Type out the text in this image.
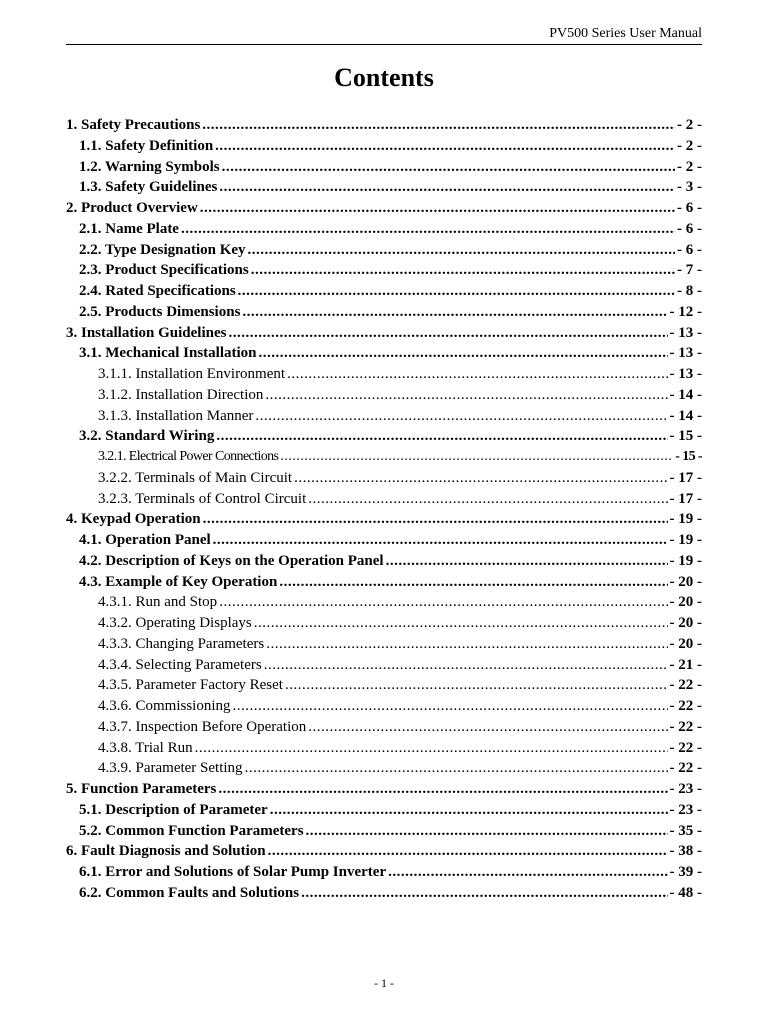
PV500 Series User Manual
Contents
1. Safety Precautions .....	- 2 -
1.1. Safety Definition .....	- 2 -
1.2. Warning Symbols .....	- 2 -
1.3. Safety Guidelines .....	- 3 -
2. Product Overview .....	- 6 -
2.1. Name Plate .....	- 6 -
2.2. Type Designation Key .....	- 6 -
2.3. Product Specifications .....	- 7 -
2.4. Rated Specifications .....	- 8 -
2.5. Products Dimensions .....	- 12 -
3. Installation Guidelines .....	- 13 -
3.1. Mechanical Installation .....	- 13 -
3.1.1. Installation Environment .....	- 13 -
3.1.2. Installation Direction .....	- 14 -
3.1.3. Installation Manner .....	- 14 -
3.2. Standard Wiring .....	- 15 -
3.2.1. Electrical Power Connections .....	- 15 -
3.2.2. Terminals of Main Circuit .....	- 17 -
3.2.3. Terminals of Control Circuit .....	- 17 -
4. Keypad Operation .....	- 19 -
4.1. Operation Panel .....	- 19 -
4.2. Description of Keys on the Operation Panel .....	- 19 -
4.3. Example of Key Operation .....	- 20 -
4.3.1. Run and Stop .....	- 20 -
4.3.2. Operating Displays .....	- 20 -
4.3.3. Changing Parameters .....	- 20 -
4.3.4. Selecting Parameters .....	- 21 -
4.3.5. Parameter Factory Reset .....	- 22 -
4.3.6. Commissioning .....	- 22 -
4.3.7. Inspection Before Operation .....	- 22 -
4.3.8. Trial Run .....	- 22 -
4.3.9. Parameter Setting .....	- 22 -
5. Function Parameters .....	- 23 -
5.1. Description of Parameter .....	- 23 -
5.2. Common Function Parameters .....	- 35 -
6. Fault Diagnosis and Solution .....	- 38 -
6.1. Error and Solutions of Solar Pump Inverter .....	- 39 -
6.2. Common Faults and Solutions .....	- 48 -
- 1 -
